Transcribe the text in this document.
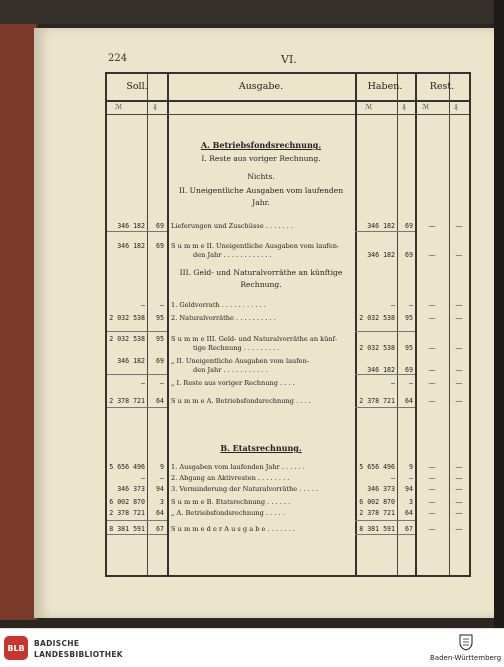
224	VI.
Soll.	Ausgabe.	Haben.	Rest.
ℳ	₰	ℳ	₰ ℳ	₰
A. Betriebsfondsrechnung.
I. Reste aus voriger Rechnung.
Nichts.
II. Uneigentliche Ausgaben vom laufenden
Jahr.
346 182	69 Lieferungen und Zuschüsse . . . . . . .	346 182	69	—	—
346 182	69 S u m m e II. Uneigentliche Ausgaben vom laufen-
den Jahr . . . . . . . . . . . .	346 182	69	—	—
III. Geld- und Naturalvorräthe an künftige
Rechnung.
—	— 1. Geldvorrath . . . . . . . . . . .	—	—	—	—
2 032 538	95 2. Naturalvorräthe . . . . . . . . . .	2 032 538	95	—	—
2 032 538	95 S u m m e III. Geld- und Naturalvorräthe an künf-
tige Rechnung . . . . . . . . .	2 032 538	95	—	—
346 182	69 „ II. Uneigentliche Ausgaben vom laufen-
den Jahr . . . . . . . . . . .	346 182	69	—	—
—	— „ I. Reste aus voriger Rechnung . . . .	—	—	—	—
2 378 721	64 S u m m e A. Betriebsfondsrechnung . . . .	2 378 721	64	—	—
B. Etatsrechnung.
5 656 496	9 1. Ausgaben vom laufenden Jahr . . . . . .	5 656 496	9	—	—
—	— 2. Abgang an Aktivresten . . . . . . . .	—	—	—	—
346 373	94 3. Verminderung der Naturalvorräthe . . . . .	346 373	94	—	—
6 002 870	3 S u m m e B. Etatsrechnung . . . . . .	6 002 870	3	—	—
2 378 721	64 „ A. Betriebsfondsrechnung . . . . .	2 378 721	64	—	—
8 381 591	67 S u m m e d e r A u s g a b e . . . . . . .	8 381 591	67	—	—
BLB	BADISCHE
LANDESBIBLIOTHEK	Baden-Württemberg
